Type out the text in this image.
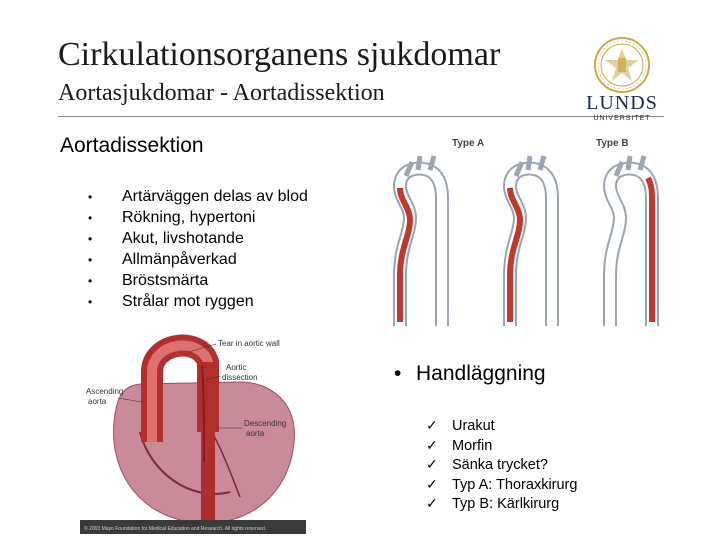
Cirkulationsorganens sjukdomar
Aortasjukdomar - Aortadissektion	LUNDS
UNIVERSITET
Aortadissektion
• Artärväggen delas av blod
• Rökning, hypertoni
• Akut, livshotande
• Allmänpåverkad
• Bröstsmärta
• Strålar mot ryggen
Type A	Type B
Tear in aortic wall
Aortic
dissection
Ascending
aorta
Descending
aorta
© 2003 Mayo Foundation for Medical Education and Research. All rights reserved.
• Handläggning
✓ Urakut
✓ Morfin
✓ Sänka trycket?
✓ Typ A: Thoraxkirurg
✓ Typ B: Kärlkirurg
